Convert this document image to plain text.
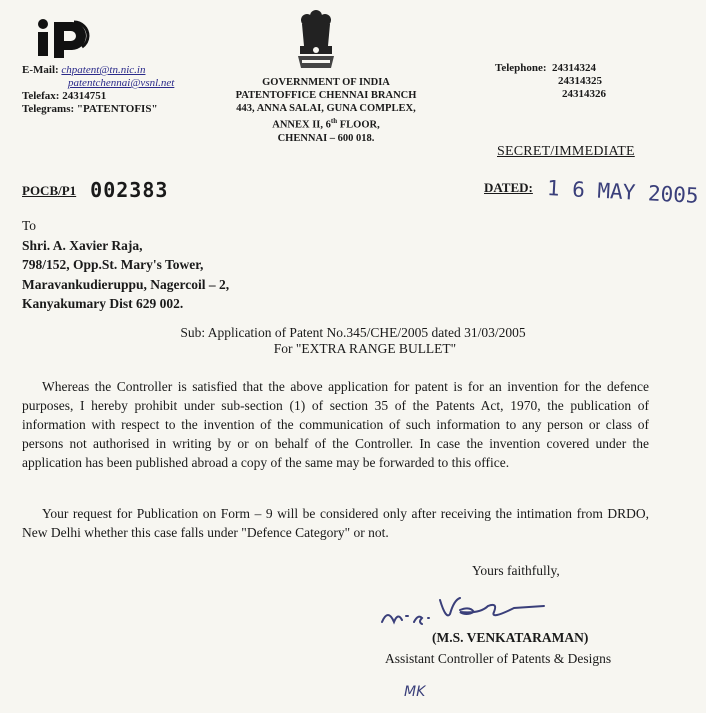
E-Mail: chpatent@tn.nic.in
patentchennai@vsnl.net
Telefax: 24314751
Telegrams: "PATENTOFIS"
GOVERNMENT OF INDIA
PATENTOFFICE CHENNAI BRANCH
443, ANNA SALAI, GUNA COMPLEX,
ANNEX II, 6th FLOOR,
CHENNAI – 600 018.
Telephone: 24314324
24314325
24314326
SECRET/IMMEDIATE
POCB/P1 002383	DATED: 1 6 MAY 2005
To
Shri. A. Xavier Raja,
798/152, Opp.St. Mary's Tower,
Maravankudieruppu, Nagercoil – 2,
Kanyakumary Dist 629 002.
Sub: Application of Patent No.345/CHE/2005 dated 31/03/2005
For "EXTRA RANGE BULLET"
Whereas the Controller is satisfied that the above application for patent is for an invention for the defence purposes, I hereby prohibit under sub-section (1) of section 35 of the Patents Act, 1970, the publication of information with respect to the invention of the communication of such information to any person or class of persons not authorised in writing by or on behalf of the Controller. In case the invention covered under the application has been published abroad a copy of the same may be forwarded to this office.
Your request for Publication on Form – 9 will be considered only after receiving the intimation from DRDO, New Delhi whether this case falls under "Defence Category" or not.
Yours faithfully,
(M.S. VENKATARAMAN)
Assistant Controller of Patents & Designs
MK
